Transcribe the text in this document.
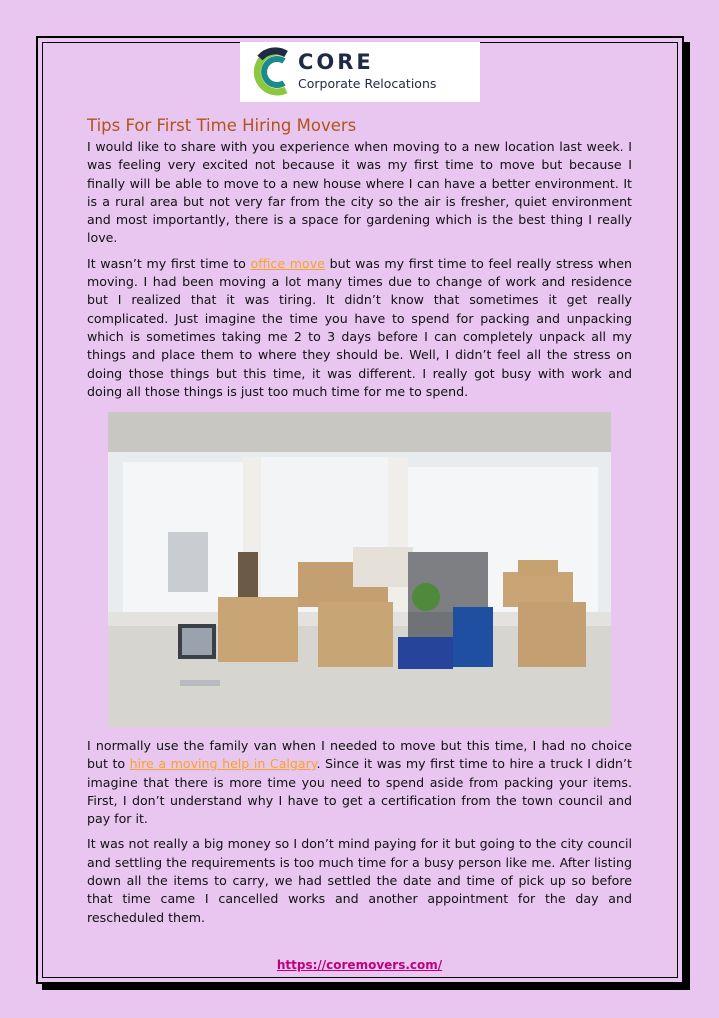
CORE
Corporate Relocations
Tips For First Time Hiring Movers
I would like to share with you experience when moving to a new location last week. I was feeling very excited not because it was my first time to move but because I finally will be able to move to a new house where I can have a better environment. It is a rural area but not very far from the city so the air is fresher, quiet environment and most importantly, there is a space for gardening which is the best thing I really love.
It wasn’t my first time to office move but was my first time to feel really stress when moving. I had been moving a lot many times due to change of work and residence but I realized that it was tiring. It didn’t know that sometimes it get really complicated. Just imagine the time you have to spend for packing and unpacking which is sometimes taking me 2 to 3 days before I can completely unpack all my things and place them to where they should be. Well, I didn’t feel all the stress on doing those things but this time, it was different. I really got busy with work and doing all those things is just too much time for me to spend.
I normally use the family van when I needed to move but this time, I had no choice but to hire a moving help in Calgary. Since it was my first time to hire a truck I didn’t imagine that there is more time you need to spend aside from packing your items. First, I don’t understand why I have to get a certification from the town council and pay for it.
It was not really a big money so I don’t mind paying for it but going to the city council and settling the requirements is too much time for a busy person like me. After listing down all the items to carry, we had settled the date and time of pick up so before that time came I cancelled works and another appointment for the day and rescheduled them.
https://coremovers.com/
